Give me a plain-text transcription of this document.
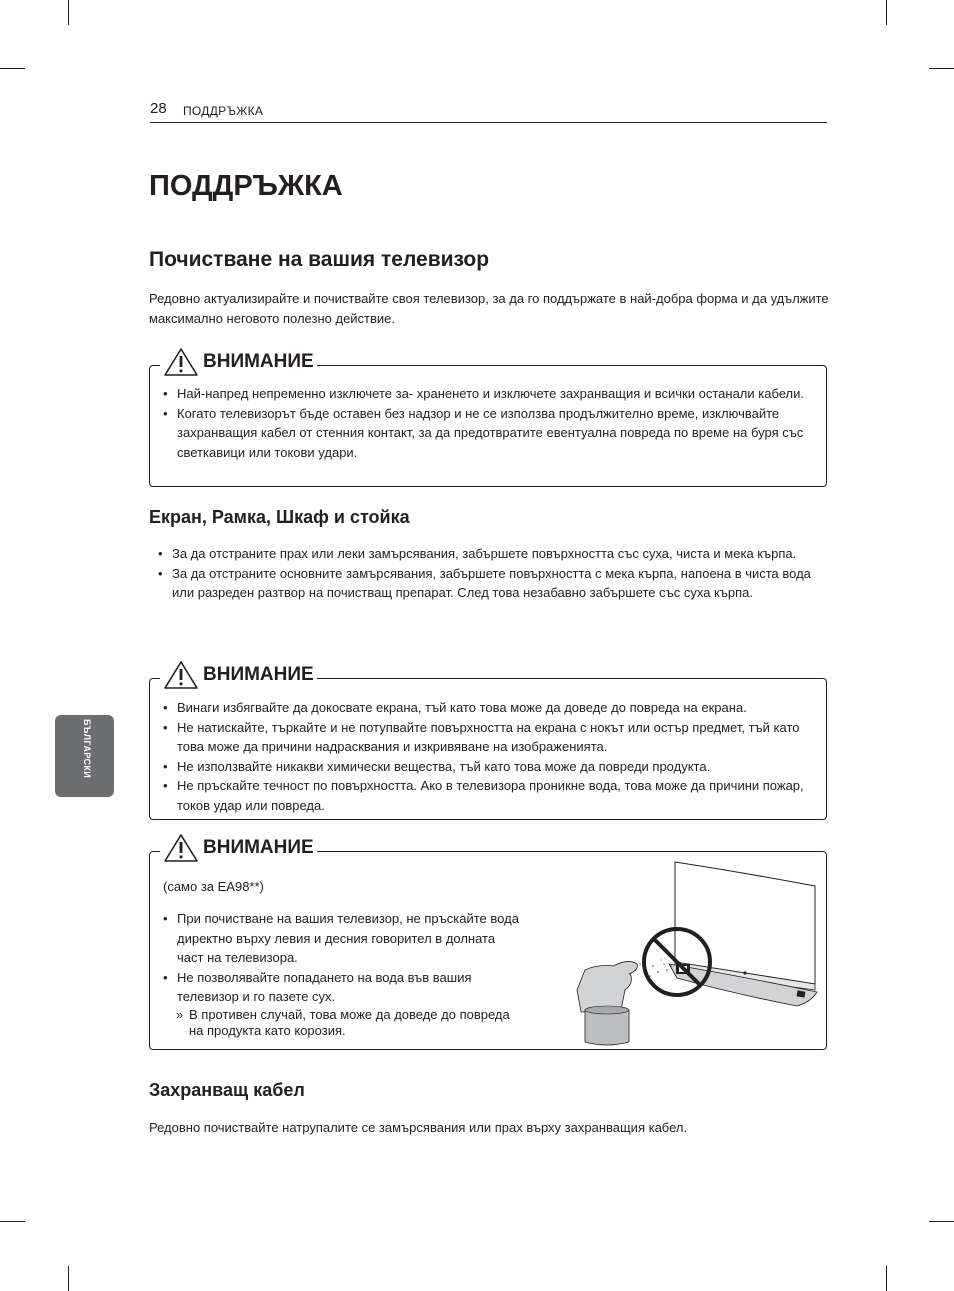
28 ПОДДРЪЖКА
ПОДДРЪЖКА
Почистване на вашия телевизор

Редовно актуализирайте и почиствайте своя телевизор, за да го поддържате в най-добра форма и да удължите максимално неговото полезно действие.

ВНИМАНИЕ
• Най-напред непременно изключете за- храненето и изключете захранващия и всички останали кабели.
• Когато телевизорът бъде оставен без надзор и не се използва продължително време, изключвайте захранващия кабел от стенния контакт, за да предотвратите евентуална повреда по време на буря със светкавици или токови удари.
Екран, Рамка, Шкаф и стойка
• За да отстраните прах или леки замърсявания, забършете повърхността със суха, чиста и мека кърпа.
• За да отстраните основните замърсявания, забършете повърхността с мека кърпа, напоена в чиста вода или разреден разтвор на почистващ препарат. След това незабавно забършете със суха кърпа.
ВНИМАНИЕ
• Винаги избягвайте да докосвате екрана, тъй като това може да доведе до повреда на екрана.
• Не натискайте, търкайте и не потупвайте повърхността на екрана с нокът или остър предмет, тъй като това може да причини надрасквания и изкривяване на изображенията.
• Не използвайте никакви химически вещества, тъй като това може да повреди продукта.
• Не пръскайте течност по повърхността. Ако в телевизора проникне вода, това може да причини пожар, токов удар или повреда.
ВНИМАНИЕ
(само за EA98**)
• При почистване на вашия телевизор, не пръскайте вода директно върху левия и десния говорител в долната част на телевизора.
• Не позволявайте попадането на вода във вашия телевизор и го пазете сух.
» В противен случай, това може да доведе до повреда на продукта като корозия.
Захранващ кабел

Редовно почиствайте натрупалите се замърсявания или прах върху захранващия кабел.

БЪЛГАРСКИ
